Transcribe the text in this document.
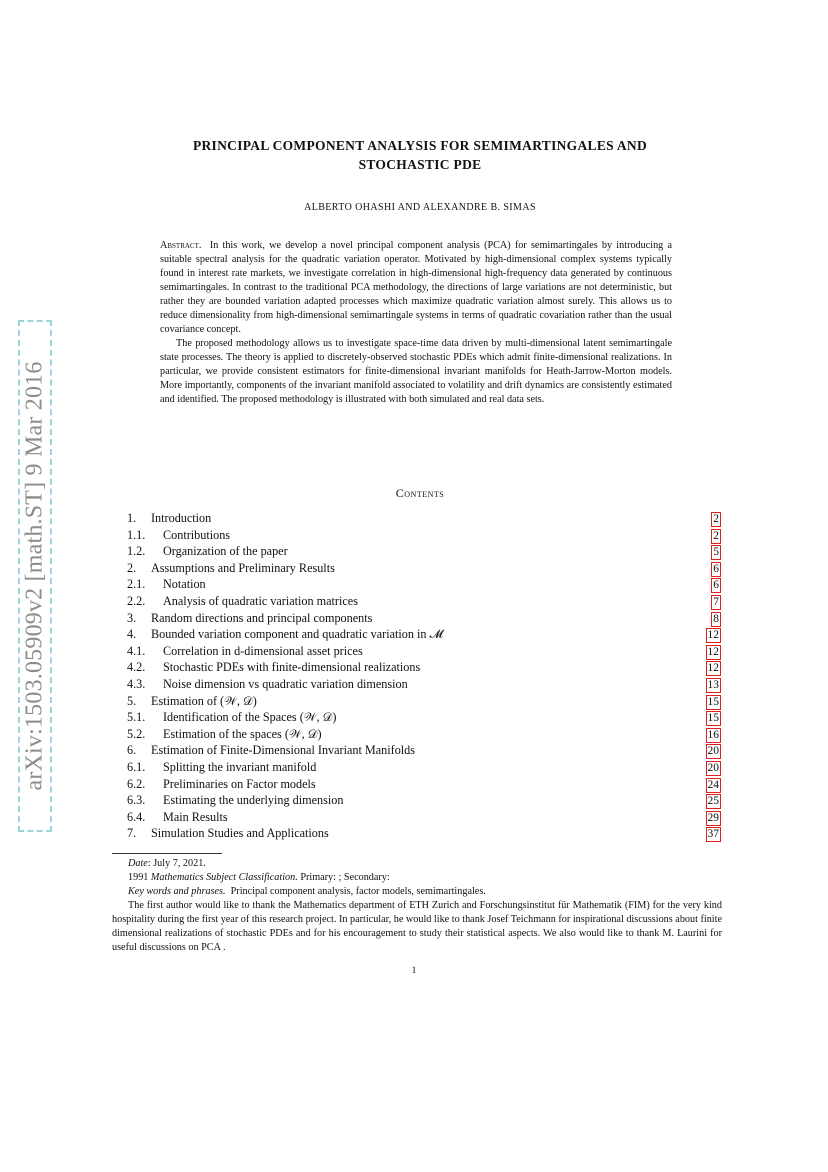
arXiv:1503.05909v2 [math.ST] 9 Mar 2016
PRINCIPAL COMPONENT ANALYSIS FOR SEMIMARTINGALES AND
STOCHASTIC PDE
ALBERTO OHASHI AND ALEXANDRE B. SIMAS

Abstract. In this work, we develop a novel principal component analysis (PCA) for semimartingales by introducing a suitable spectral analysis for the quadratic variation operator. Motivated by high-dimensional complex systems typically found in interest rate markets, we investigate correlation in high-dimensional high-frequency data generated by continuous semimartingales. In contrast to the traditional PCA methodology, the directions of large variations are not deterministic, but rather they are bounded variation adapted processes which maximize quadratic variation almost surely. This allows us to reduce dimensionality from high-dimensional semimartingale systems in terms of quadratic covariation rather than the usual covariance concept.

The proposed methodology allows us to investigate space-time data driven by multi-dimensional latent semimartingale state processes. The theory is applied to discretely-observed stochastic PDEs which admit finite-dimensional realizations. In particular, we provide consistent estimators for finite-dimensional invariant manifolds for Heath-Jarrow-Morton models. More importantly, components of the invariant manifold associated to volatility and drift dynamics are consistently estimated and identified. The proposed methodology is illustrated with both simulated and real data sets.

Contents
1. Introduction	2
1.1. Contributions	2
1.2. Organization of the paper	5
2. Assumptions and Preliminary Results	6
2.1. Notation	6
2.2. Analysis of quadratic variation matrices	7
3. Random directions and principal components	8
4. Bounded variation component and quadratic variation in 𝓜	12
4.1. Correlation in d-dimensional asset prices	12
4.2. Stochastic PDEs with finite-dimensional realizations	12
4.3. Noise dimension vs quadratic variation dimension	13
5. Estimation of (𝒲, 𝒟)	15
5.1. Identification of the Spaces (𝒲, 𝒟)	15
5.2. Estimation of the spaces (𝒲, 𝒟)	16
6. Estimation of Finite-Dimensional Invariant Manifolds	20
6.1. Splitting the invariant manifold	20
6.2. Preliminaries on Factor models	24
6.3. Estimating the underlying dimension	25
6.4. Main Results	29
7. Simulation Studies and Applications	37

Date: July 7, 2021.

1991 Mathematics Subject Classification. Primary: ; Secondary:

Key words and phrases. Principal component analysis, factor models, semimartingales.

The first author would like to thank the Mathematics department of ETH Zurich and Forschungsinstitut für Mathematik (FIM) for the very kind hospitality during the first year of this research project. In particular, he would like to thank Josef Teichmann for inspirational discussions about finite dimensional realizations of stochastic PDEs and for his encouragement to study their statistical aspects. We also would like to thank M. Laurini for useful discussions on PCA .

1
